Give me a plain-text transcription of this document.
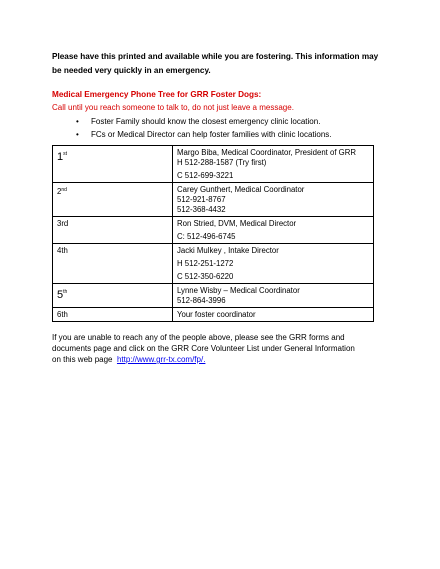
Please have this printed and available while you are fostering. This information may
be needed very quickly in an emergency.
Medical Emergency Phone Tree for GRR Foster Dogs:
Call until you reach someone to talk to, do not just leave a message.
•	Foster Family should know the closest emergency clinic location.
•	FCs or Medical Director can help foster families with clinic locations.
1st	Margo Biba, Medical Coordinator, President of GRR
H 512-288-1587 (Try first)
C 512-699-3221

2nd	Carey Gunthert, Medical Coordinator
512-921-8767
512-368-4432

3rd	Ron Stried, DVM, Medical Director
C: 512-496-6745

4th	Jacki Mulkey , Intake Director
H 512-251-1272
C 512-350-6220

5th	Lynne Wisby – Medical Coordinator
512-864-3996

6th	Your foster coordinator
If you are unable to reach any of the people above, please see the GRR forms and
documents page and click on the GRR Core Volunteer List under General Information
on this web page http://www.grr-tx.com/fp/.
